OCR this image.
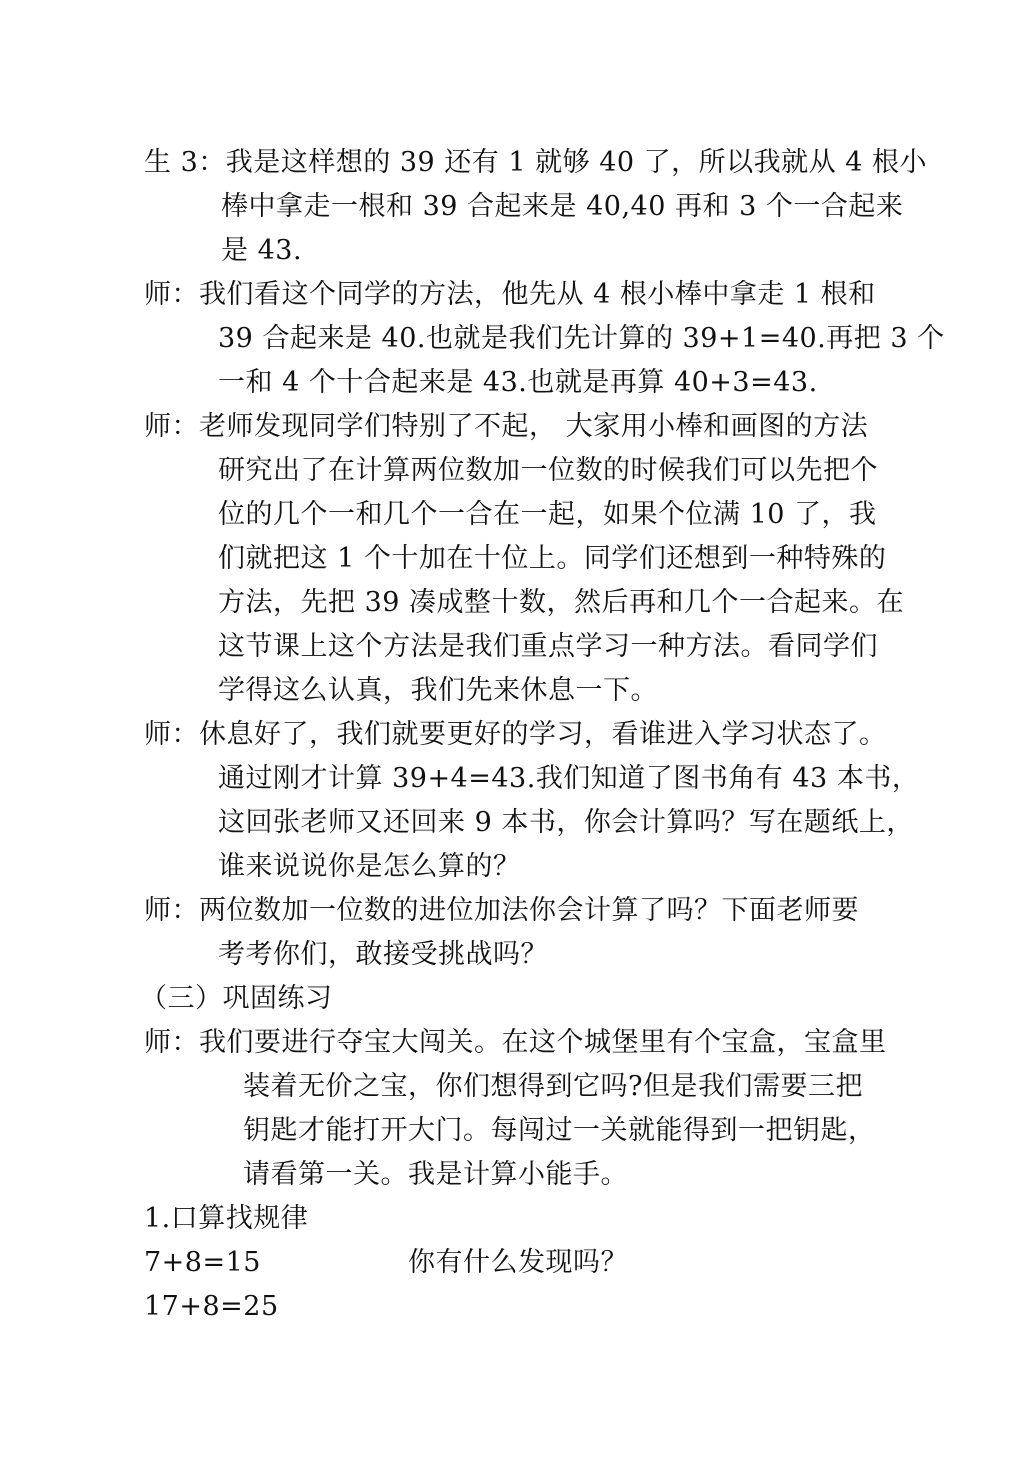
生 3：我是这样想的 39 还有 1 就够 40 了，所以我就从 4 根小
棒中拿走一根和 39 合起来是 40,40 再和 3 个一合起来
是 43.
师：我们看这个同学的方法，他先从 4 根小棒中拿走 1 根和
39 合起来是 40.也就是我们先计算的 39+1=40.再把 3 个
一和 4 个十合起来是 43.也就是再算 40+3=43.
师：老师发现同学们特别了不起， 大家用小棒和画图的方法
研究出了在计算两位数加一位数的时候我们可以先把个
位的几个一和几个一合在一起，如果个位满 10 了，我
们就把这 1 个十加在十位上。同学们还想到一种特殊的
方法，先把 39 凑成整十数，然后再和几个一合起来。在
这节课上这个方法是我们重点学习一种方法。看同学们
学得这么认真，我们先来休息一下。
师：休息好了，我们就要更好的学习，看谁进入学习状态了。
通过刚才计算 39+4=43.我们知道了图书角有 43 本书，
这回张老师又还回来 9 本书，你会计算吗？写在题纸上，
谁来说说你是怎么算的？
师：两位数加一位数的进位加法你会计算了吗？下面老师要
考考你们，敢接受挑战吗？
（三）巩固练习
师：我们要进行夺宝大闯关。在这个城堡里有个宝盒，宝盒里
装着无价之宝，你们想得到它吗?但是我们需要三把
钥匙才能打开大门。每闯过一关就能得到一把钥匙，
请看第一关。我是计算小能手。
1.口算找规律
7+8=15	你有什么发现吗？
17+8=25
